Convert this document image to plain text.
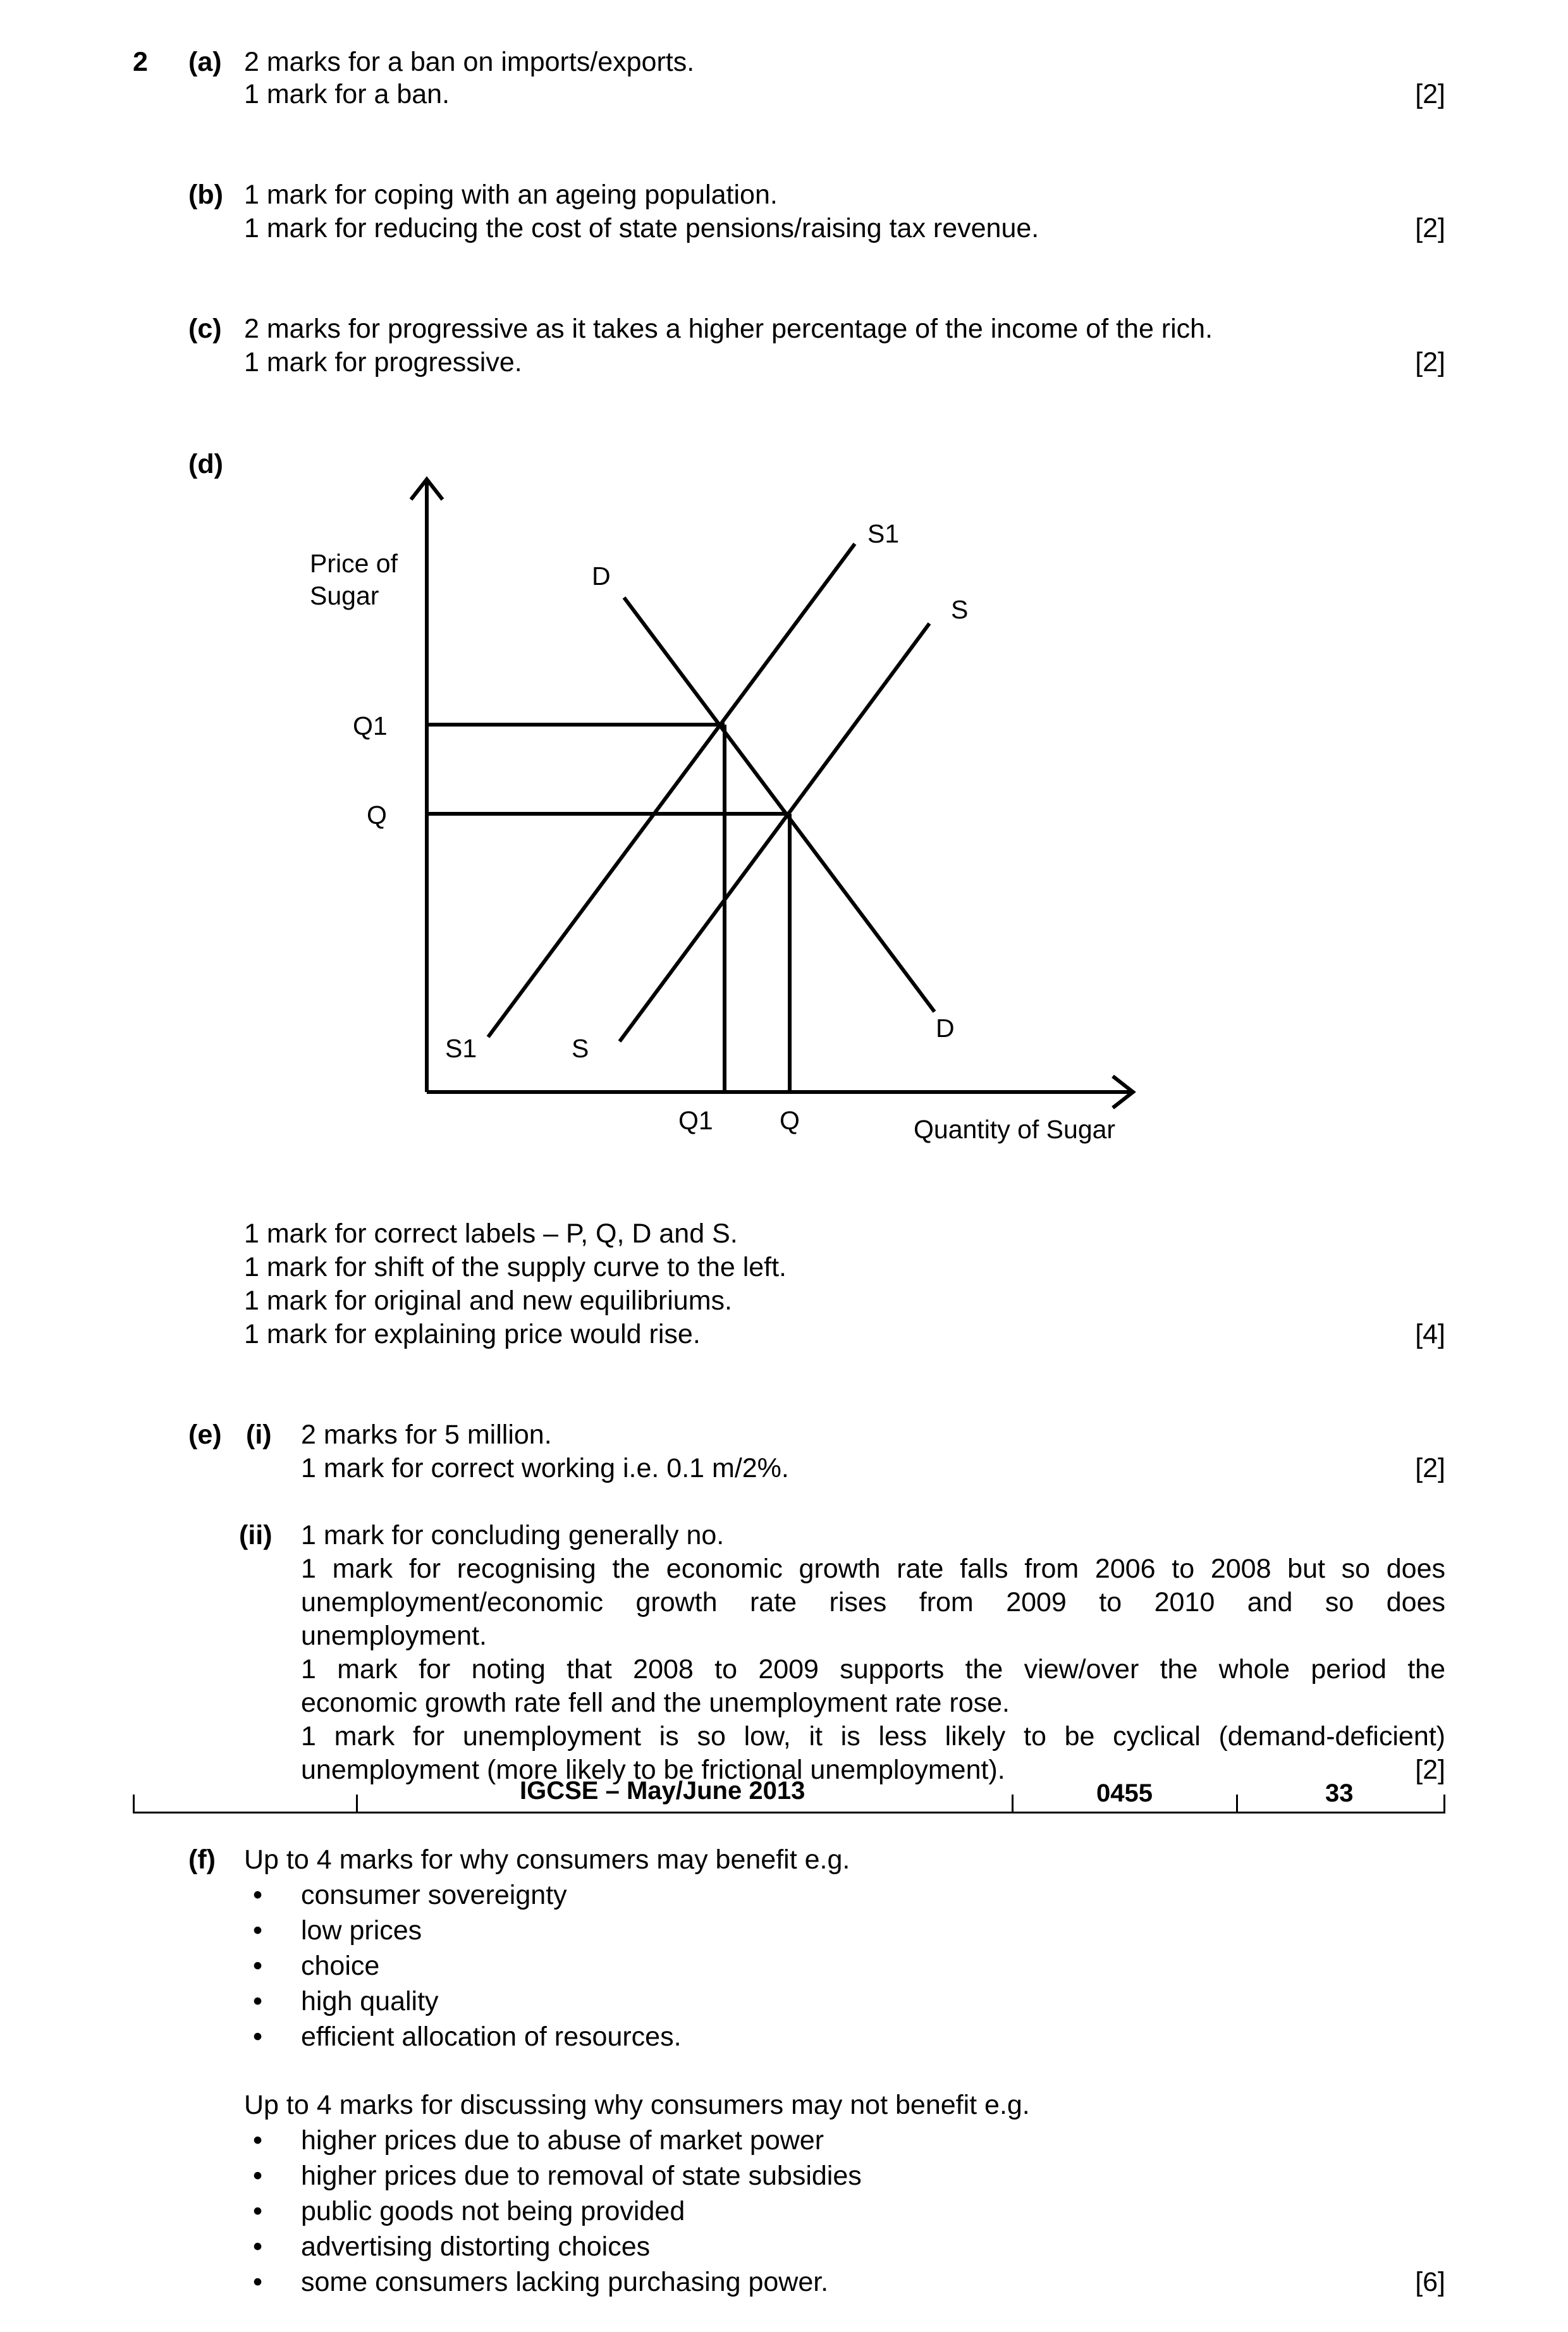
2 (a) 2 marks for a ban on imports/exports.
1 mark for a ban.	[2]
(b) 1 mark for coping with an ageing population.
1 mark for reducing the cost of state pensions/raising tax revenue.	[2]
(c) 2 marks for progressive as it takes a higher percentage of the income of the rich.
1 mark for progressive.	[2]
(d)
Price of
Sugar
Q1
Q
S1
S
D
D
S1	S
Q1	Q	Quantity of Sugar
1 mark for correct labels – P, Q, D and S.
1 mark for shift of the supply curve to the left.
1 mark for original and new equilibriums.
1 mark for explaining price would rise.	[4]
(e) (i) 2 marks for 5 million.
1 mark for correct working i.e. 0.1 m/2%.	[2]
(ii) 1 mark for concluding generally no.
1 mark for recognising the economic growth rate falls from 2006 to 2008 but so does
unemployment/economic growth rate rises from 2009 to 2010 and so does
unemployment.
1 mark for noting that 2008 to 2009 supports the view/over the whole period the
economic growth rate fell and the unemployment rate rose.
1 mark for unemployment is so low, it is less likely to be cyclical (demand-deficient)
unemployment (more likely to be frictional unemployment).	[2]
IGCSE – May/June 2013	0455	33
(f) Up to 4 marks for why consumers may benefit e.g.
• consumer sovereignty
• low prices
• choice
• high quality
• efficient allocation of resources.
Up to 4 marks for discussing why consumers may not benefit e.g.
• higher prices due to abuse of market power
• higher prices due to removal of state subsidies
• public goods not being provided
• advertising distorting choices
• some consumers lacking purchasing power.	[6]
